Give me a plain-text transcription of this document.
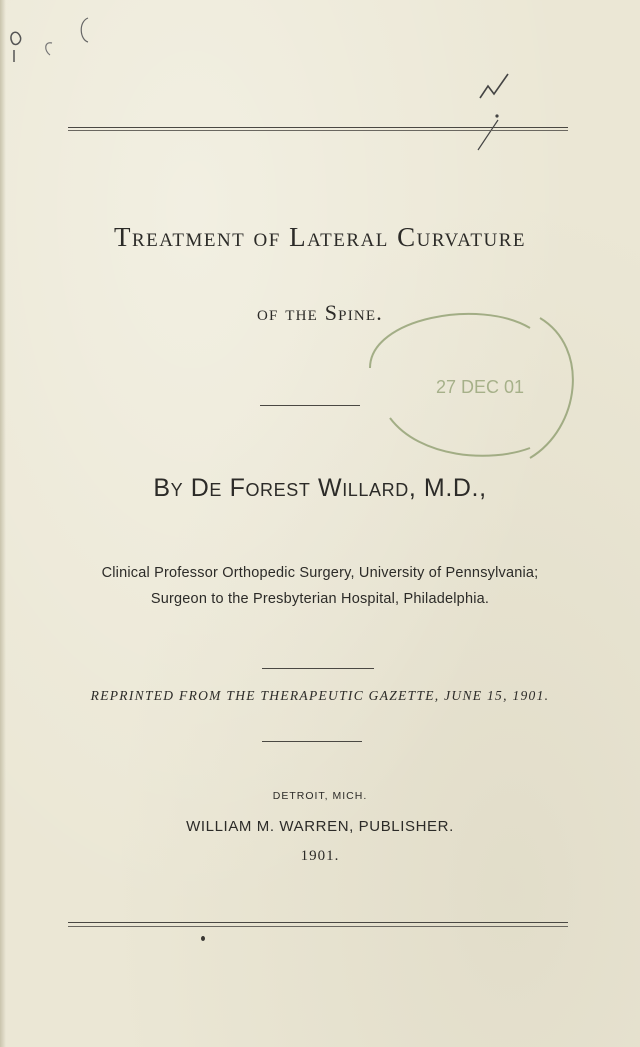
Treatment of Lateral Curvature
of the Spine.
27 DEC 01
By De Forest Willard, M.D.,
Clinical Professor Orthopedic Surgery, University of Pennsylvania;
Surgeon to the Presbyterian Hospital, Philadelphia.
REPRINTED FROM THE THERAPEUTIC GAZETTE, JUNE 15, 1901.
DETROIT, MICH.
WILLIAM M. WARREN, PUBLISHER.
1901.
